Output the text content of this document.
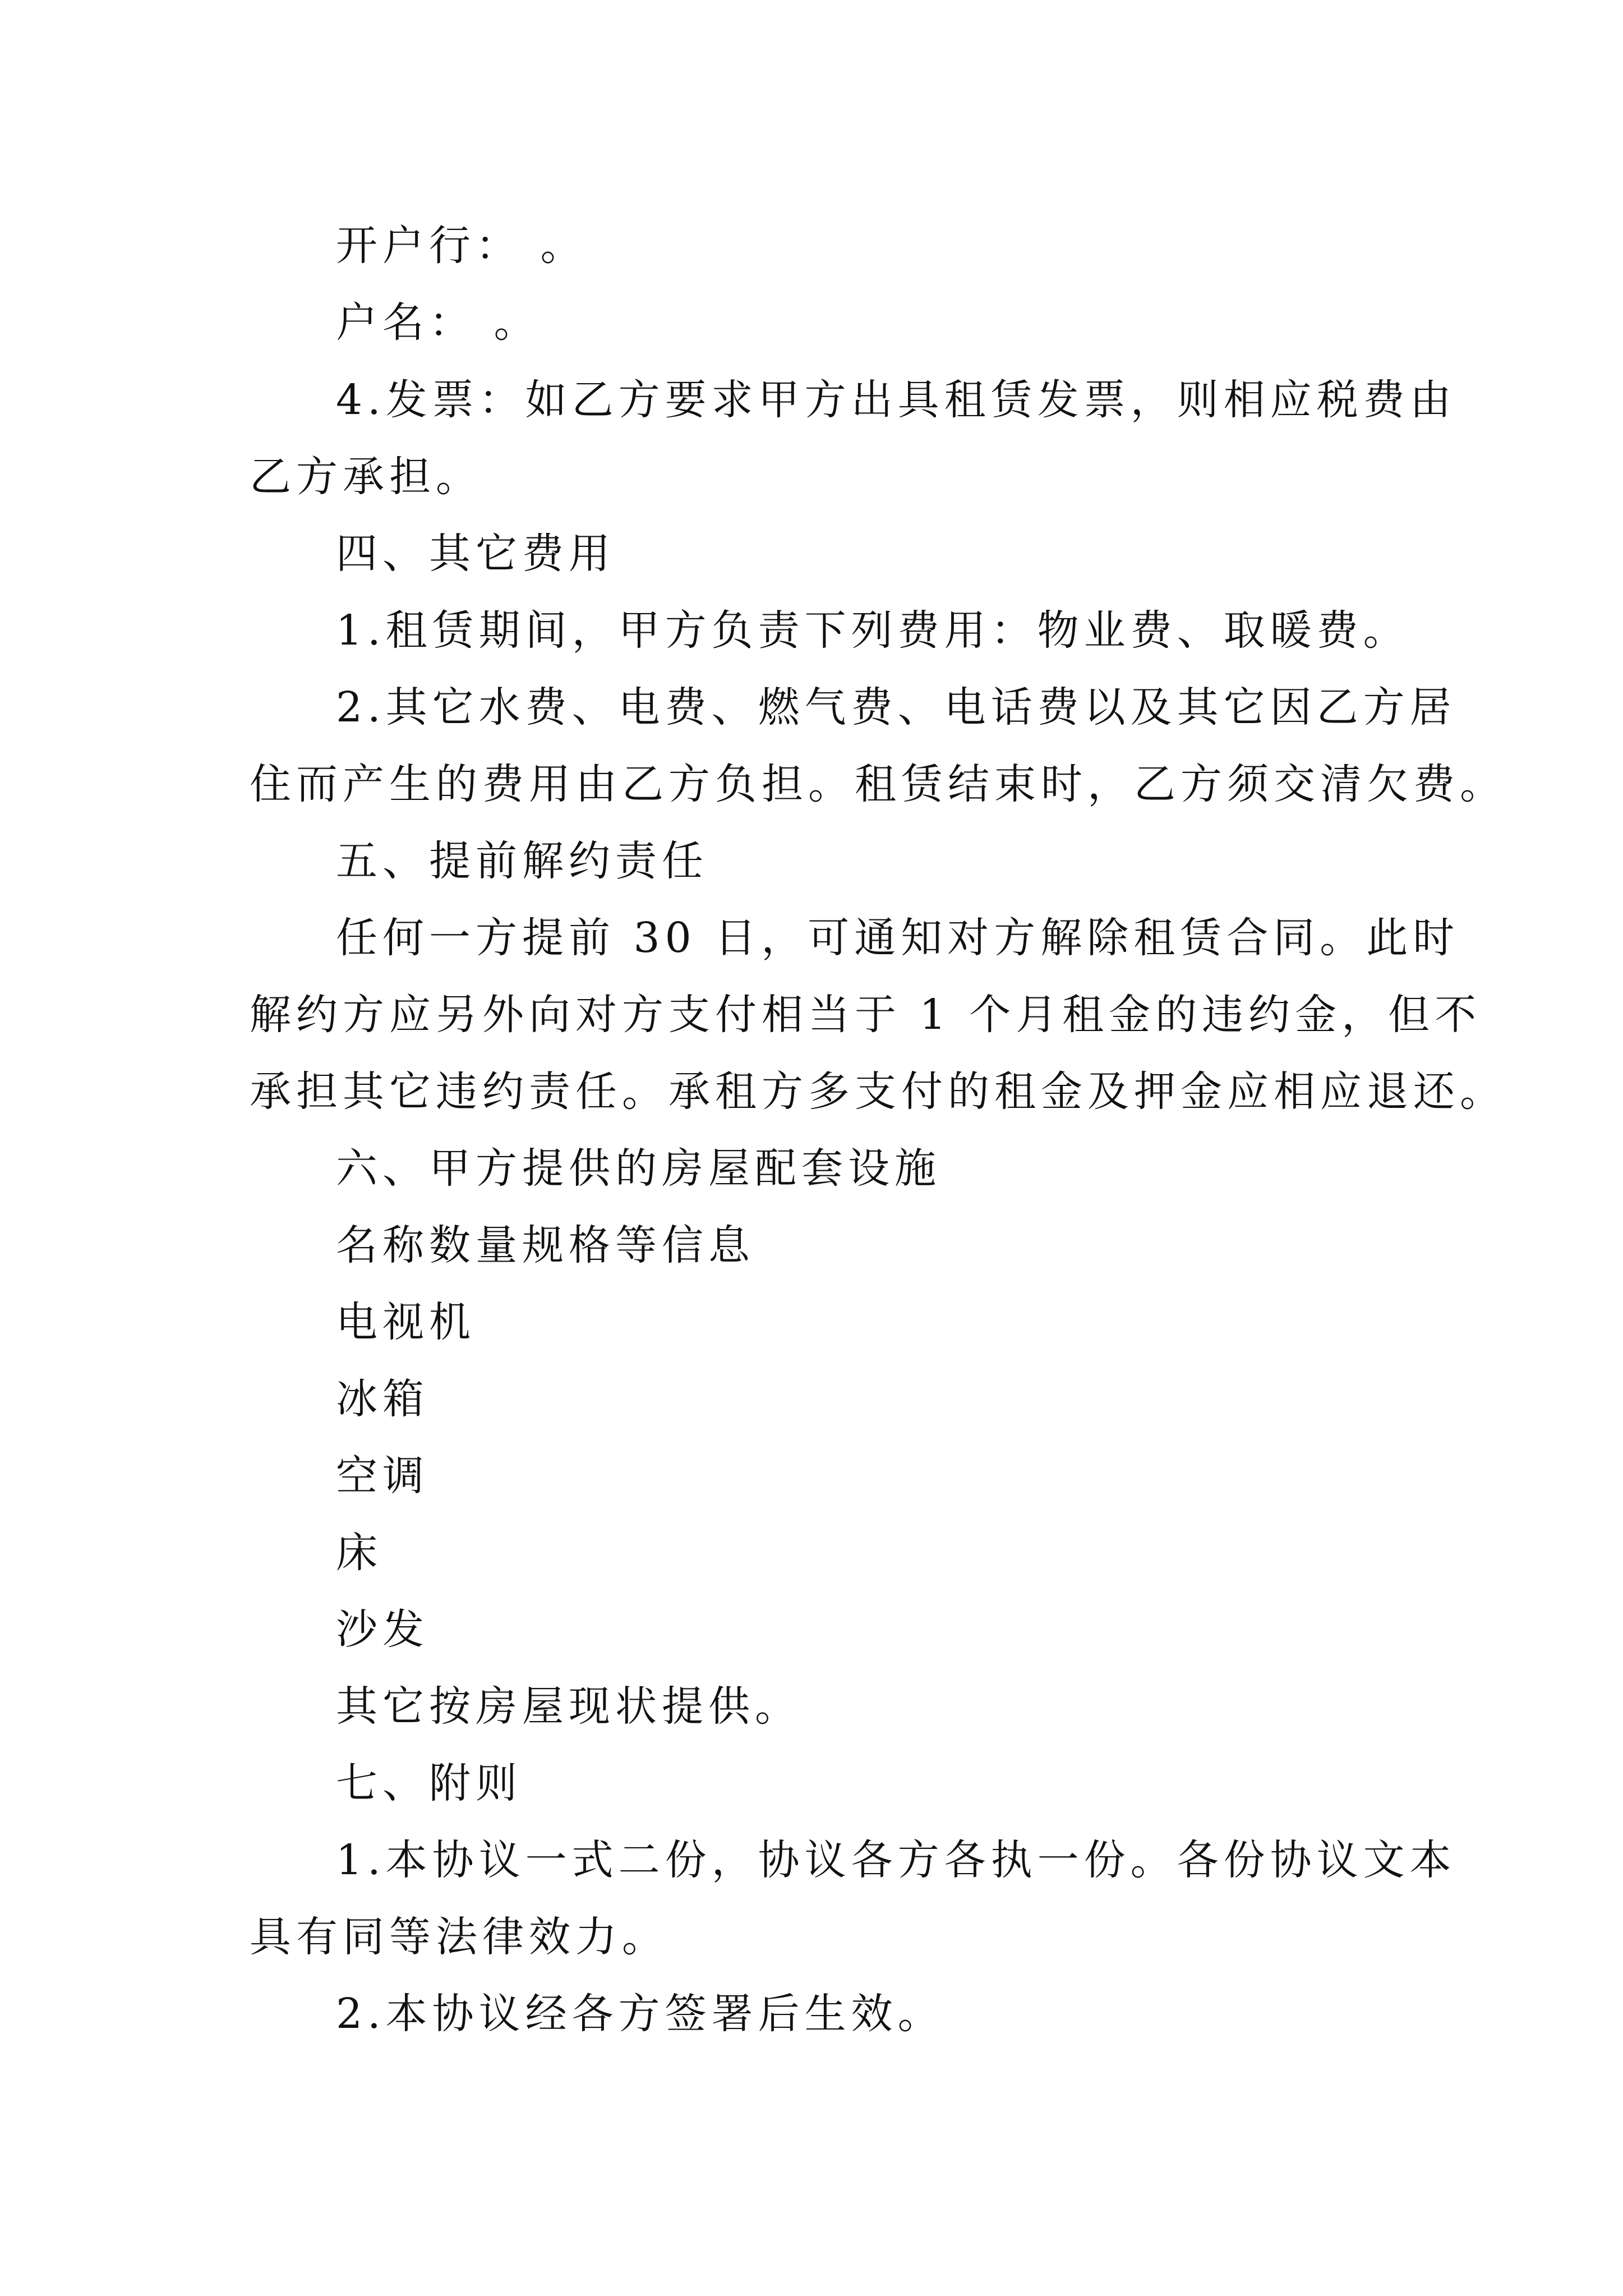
开户行： 。
户名： 。
4.发票：如乙方要求甲方出具租赁发票，则相应税费由
乙方承担。
四、其它费用
1.租赁期间，甲方负责下列费用：物业费、取暖费。
2.其它水费、电费、燃气费、电话费以及其它因乙方居
住而产生的费用由乙方负担。租赁结束时，乙方须交清欠费。
五、提前解约责任
任何一方提前 30 日，可通知对方解除租赁合同。此时
解约方应另外向对方支付相当于 1 个月租金的违约金，但不
承担其它违约责任。承租方多支付的租金及押金应相应退还。
六、甲方提供的房屋配套设施
名称数量规格等信息
电视机
冰箱
空调
床
沙发
其它按房屋现状提供。
七、附则
1.本协议一式二份，协议各方各执一份。各份协议文本
具有同等法律效力。
2.本协议经各方签署后生效。
